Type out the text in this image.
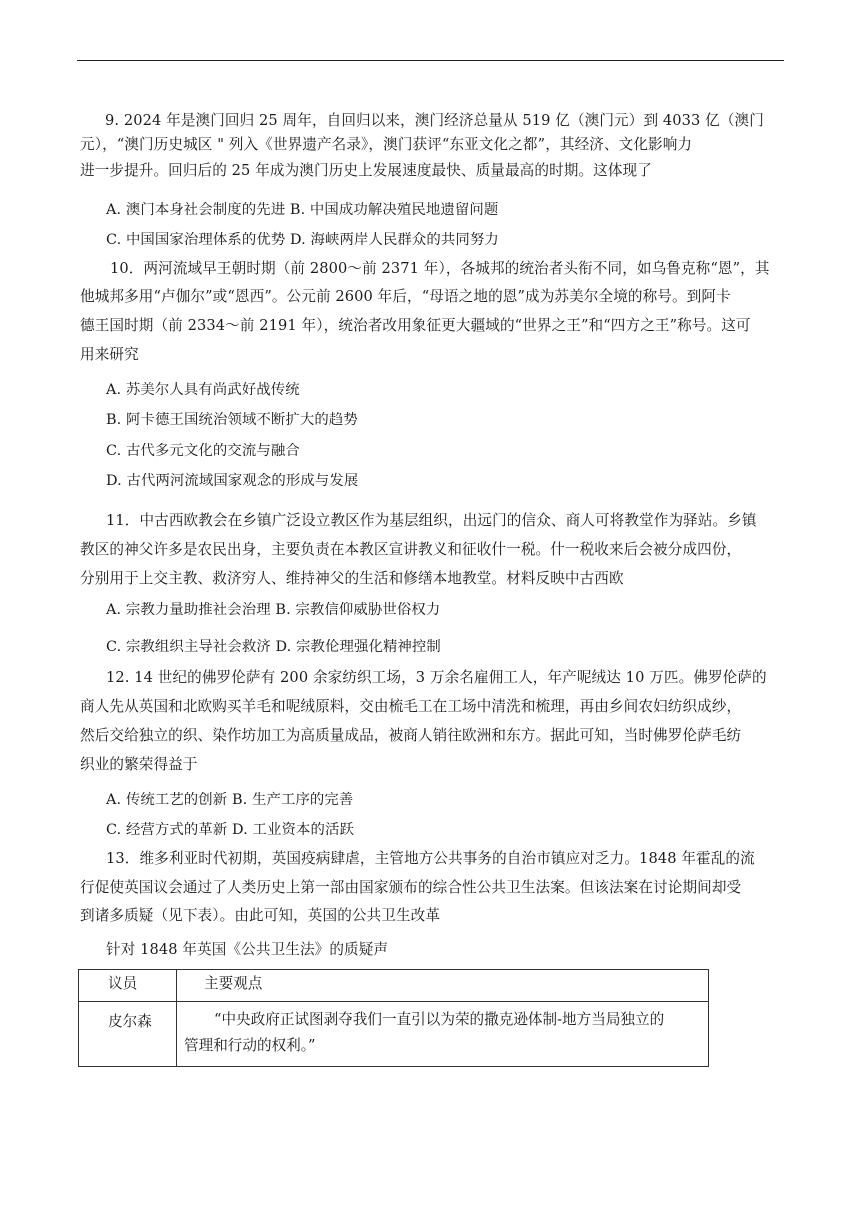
9. 2024 年是澳门回归 25 周年，自回归以来，澳门经济总量从 519 亿（澳门元）到 4033 亿（澳门
元），“澳门历史城区 " 列入《世界遗产名录》，澳门获评“东亚文化之都”，其经济、文化影响力
进一步提升。回归后的 25 年成为澳门历史上发展速度最快、质量最高的时期。这体现了
A. 澳门本身社会制度的先进 B. 中国成功解决殖民地遗留问题
C. 中国国家治理体系的优势 D. 海峡两岸人民群众的共同努力
10．两河流域早王朝时期（前 2800～前 2371 年），各城邦的统治者头衔不同，如乌鲁克称“恩”，其
他城邦多用“卢伽尔”或“恩西”。公元前 2600 年后，“母语之地的恩”成为苏美尔全境的称号。到阿卡
德王国时期（前 2334～前 2191 年），统治者改用象征更大疆域的“世界之王”和“四方之王”称号。这可
用来研究
A. 苏美尔人具有尚武好战传统
B. 阿卡德王国统治领域不断扩大的趋势
C. 古代多元文化的交流与融合
D. 古代两河流域国家观念的形成与发展
11．中古西欧教会在乡镇广泛设立教区作为基层组织，出远门的信众、商人可将教堂作为驿站。乡镇
教区的神父许多是农民出身，主要负责在本教区宣讲教义和征收什一税。什一税收来后会被分成四份，
分别用于上交主教、救济穷人、维持神父的生活和修缮本地教堂。材料反映中古西欧
A. 宗教力量助推社会治理 B. 宗教信仰威胁世俗权力
C. 宗教组织主导社会救济 D. 宗教伦理强化精神控制
12. 14 世纪的佛罗伦萨有 200 余家纺织工场，3 万余名雇佣工人，年产呢绒达 10 万匹。佛罗伦萨的
商人先从英国和北欧购买羊毛和呢绒原料，交由梳毛工在工场中清洗和梳理，再由乡间农妇纺织成纱，
然后交给独立的织、染作坊加工为高质量成品，被商人销往欧洲和东方。据此可知，当时佛罗伦萨毛纺
织业的繁荣得益于
A. 传统工艺的创新 B. 生产工序的完善
C. 经营方式的革新 D. 工业资本的活跃
13．维多利亚时代初期，英国疫病肆虐，主管地方公共事务的自治市镇应对乏力。1848 年霍乱的流
行促使英国议会通过了人类历史上第一部由国家颁布的综合性公共卫生法案。但该法案在讨论期间却受
到诸多质疑（见下表）。由此可知，英国的公共卫生改革
针对 1848 年英国《公共卫生法》的质疑声
议员	主要观点

皮尔森	“中央政府正试图剥夺我们一直引以为荣的撒克逊体制-地方当局独立的
管理和行动的权利。”
